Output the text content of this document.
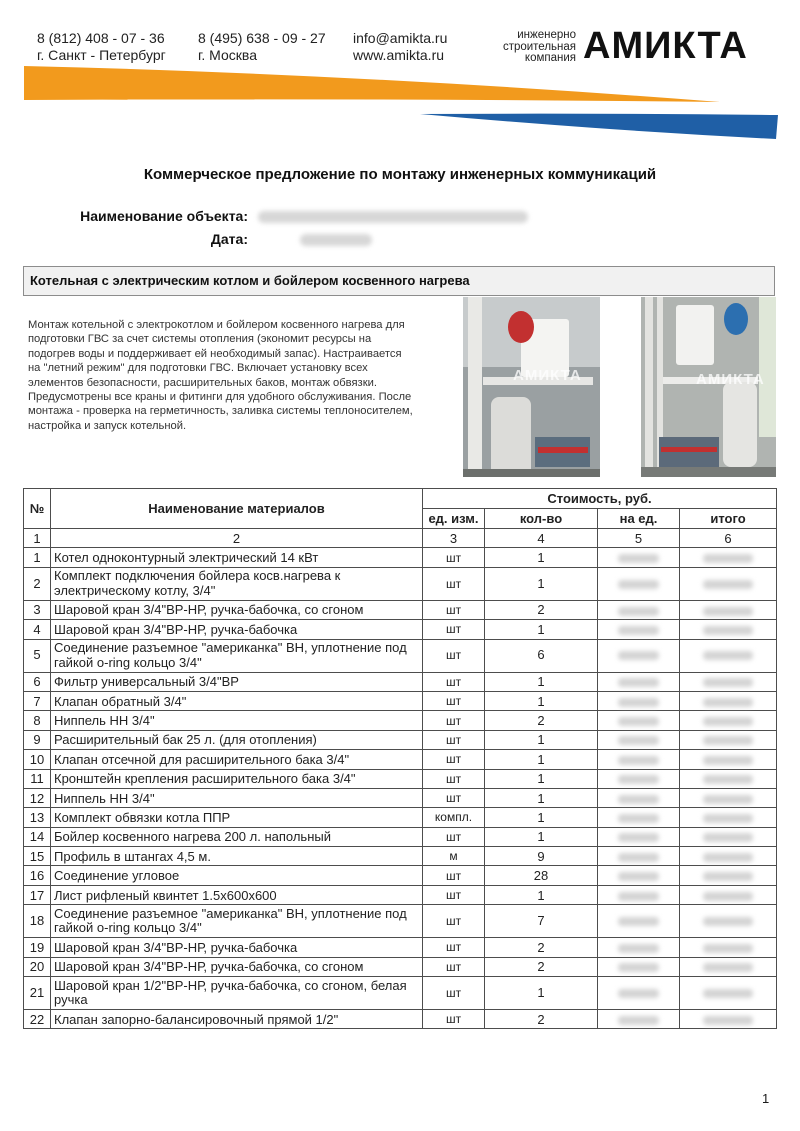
8 (812) 408 - 07 - 36
г. Санкт - Петербург
8 (495) 638 - 09 - 27
г. Москва
info@amikta.ru
www.amikta.ru
инженерно
строительная
компания АМИКТА
Коммерческое предложение по монтажу инженерных коммуникаций
Наименование объекта:
Дата:
Котельная с электрическим котлом и бойлером косвенного нагрева
Монтаж котельной с электрокотлом и бойлером косвенного нагрева для подготовки ГВС за счет системы отопления (экономит ресурсы на подогрев воды и поддерживает ей необходимый запас). Настраивается на "летний режим" для подготовки ГВС. Включает установку всех элементов безопасности, расширительных баков, монтаж обвязки. Предусмотрены все краны и фитинги для удобного обслуживания. После монтажа - проверка на герметичность, заливка системы теплоносителем, настройка и запуск котельной.
АМИКТА	АМИКТА
№	Наименование материалов	Стоимость, руб.			
		ед. изм.	кол-во	на ед.	итого
1	2	3	4	5	6
1	Котел одноконтурный электрический 14 кВт	шт	1		
2	Комплект подключения бойлера косв.нагрева к электрическому котлу, 3/4"	шт	1		
3	Шаровой кран 3/4"ВР-НР, ручка-бабочка, со сгоном	шт	2		
4	Шаровой кран 3/4"ВР-НР, ручка-бабочка	шт	1		
5	Соединение разъемное "американка" ВН, уплотнение под гайкой o-ring кольцо 3/4"	шт	6		
6	Фильтр универсальный 3/4"ВР	шт	1		
7	Клапан обратный 3/4"	шт	1		
8	Ниппель НН 3/4"	шт	2		
9	Расширительный бак 25 л. (для отопления)	шт	1		
10	Клапан отсечной для расширительного бака 3/4"	шт	1		
11	Кронштейн крепления расширительного бака 3/4"	шт	1		
12	Ниппель НН 3/4"	шт	1		
13	Комплект обвязки котла ППР	компл.	1		
14	Бойлер косвенного нагрева 200 л. напольный	шт	1		
15	Профиль в штангах 4,5 м.	м	9		
16	Соединение угловое	шт	28		
17	Лист рифленый квинтет 1.5х600х600	шт	1		
18	Соединение разъемное "американка" ВН, уплотнение под гайкой o-ring кольцо 3/4"	шт	7		
19	Шаровой кран 3/4"ВР-НР, ручка-бабочка	шт	2		
20	Шаровой кран 3/4"ВР-НР, ручка-бабочка, со сгоном	шт	2		
21	Шаровой кран 1/2"ВР-НР, ручка-бабочка, со сгоном, белая ручка	шт	1		
22	Клапан запорно-балансировочный прямой 1/2"	шт	2		
1
